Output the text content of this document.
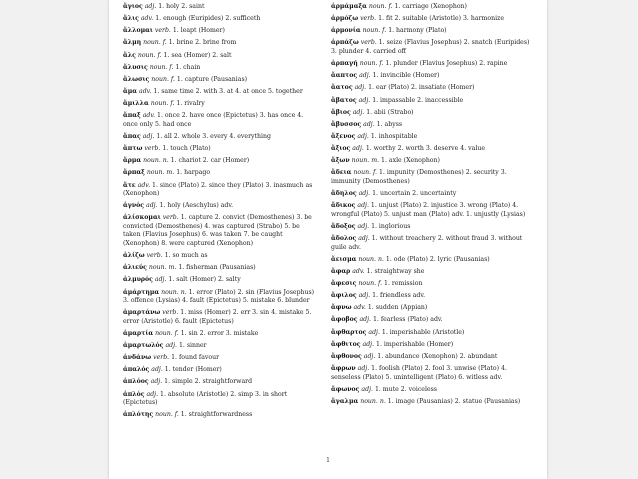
ἅγιος adj. 1. holy 2. saint
ἅλις adv. 1. enough (Euripides) 2. sufficeth
ἅλλομαι verb. 1. leapt (Homer)
ἅλμη noun. f. 1. brine 2. brine from
ἅλς noun. f. 1. sea (Homer) 2. salt
ἅλυσις noun. f. 1. chain
ἅλωσις noun. f. 1. capture (Pausanias)
ἅμα adv. 1. same time 2. with 3. at 4. at once 5. together
ἅμιλλα noun. f. 1. rivalry
ἅπαξ adv. 1. once 2. have once (Epictetus) 3. has once 4. once only 5. had once
ἅπας adj. 1. all 2. whole 3. every 4. everything
ἅπτω verb. 1. touch (Plato)
ἅρμα noun. n. 1. chariot 2. car (Homer)
ἅρπαξ noun. m. 1. harpago
ἅτε adv. 1. since (Plato) 2. since they (Plato) 3. inasmuch as (Xenophon)
ἁγνός adj. 1. holy (Aeschylus) adv.
ἁλίσκομαι verb. 1. capture 2. convict (Demosthenes) 3. be convicted (Demosthenes) 4. was captured (Strabo) 5. be taken (Flavius Josephus) 6. was taken 7. be caught (Xenophon) 8. were captured (Xenophon)
ἁλίζω verb. 1. so much as
ἁλιεύς noun. m. 1. fisherman (Pausanias)
ἁλμυρός adj. 1. salt (Homer) 2. salty
ἁμάρτημα noun. n. 1. error (Plato) 2. sin (Flavius Josephus) 3. offence (Lysias) 4. fault (Epictetus) 5. mistake 6. blunder
ἁμαρτάνω verb. 1. miss (Homer) 2. err 3. sin 4. mistake 5. error (Aristotle) 6. fault (Epictetus)
ἁμαρτία noun. f. 1. sin 2. error 3. mistake
ἁμαρτωλός adj. 1. sinner
ἁνδάνω verb. 1. found favour
ἁπαλός adj. 1. tender (Homer)
ἁπλόος adj. 1. simple 2. straightforward
ἁπλός adj. 1. absolute (Aristotle) 2. simp 3. in short (Epictetus)
ἁπλότης noun. f. 1. straightforwardness
ἁρμάμαξα noun. f. 1. carriage (Xenophon)
ἁρμόζω verb. 1. fit 2. suitable (Aristotle) 3. harmonize
ἁρμονία noun. f. 1. harmony (Plato)
ἁρπάζω verb. 1. seize (Flavius Josephus) 2. snatch (Euripides) 3. plunder 4. carried off
ἁρπαγή noun. f. 1. plunder (Flavius Josephus) 2. rapine
ἄαπτος adj. 1. invincible (Homer)
ἄατος adj. 1. ear (Plato) 2. insatiate (Homer)
ἄβατος adj. 1. impassable 2. inaccessible
ἄβιος adj. 1. abii (Strabo)
ἄβυσσος adj. 1. abyss
ἄξενος adj. 1. inhospitable
ἄξιος adj. 1. worthy 2. worth 3. deserve 4. value
ἄξων noun. m. 1. axle (Xenophon)
ἄδεια noun. f. 1. impunity (Demosthenes) 2. security 3. immunity (Demosthenes)
ἄδηλος adj. 1. uncertain 2. uncertainty
ἄδικος adj. 1. unjust (Plato) 2. injustice 3. wrong (Plato) 4. wrongful (Plato) 5. unjust man (Plato) adv. 1. unjustly (Lysias)
ἄδοξος adj. 1. inglorious
ἄδολος adj. 1. without treachery 2. without fraud 3. without guile adv.
ἄεισμα noun. n. 1. ode (Plato) 2. lyric (Pausanias)
ἄφαρ adv. 1. straightway she
ἄφεσις noun. f. 1. remission
ἄφιλος adj. 1. friendless adv.
ἄφνω adv. 1. sudden (Appian)
ἄφοβος adj. 1. fearless (Plato) adv.
ἄφθαρτος adj. 1. imperishable (Aristotle)
ἄφθιτος adj. 1. imperishable (Homer)
ἄφθονος adj. 1. abundance (Xenophon) 2. abundant
ἄφρων adj. 1. foolish (Plato) 2. fool 3. unwise (Plato) 4. senseless (Plato) 5. unintelligent (Plato) 6. witless adv.
ἄφωνος adj. 1. mute 2. voiceless
ἄγαλμα noun. n. 1. image (Pausanias) 2. statue (Pausanias)
1
